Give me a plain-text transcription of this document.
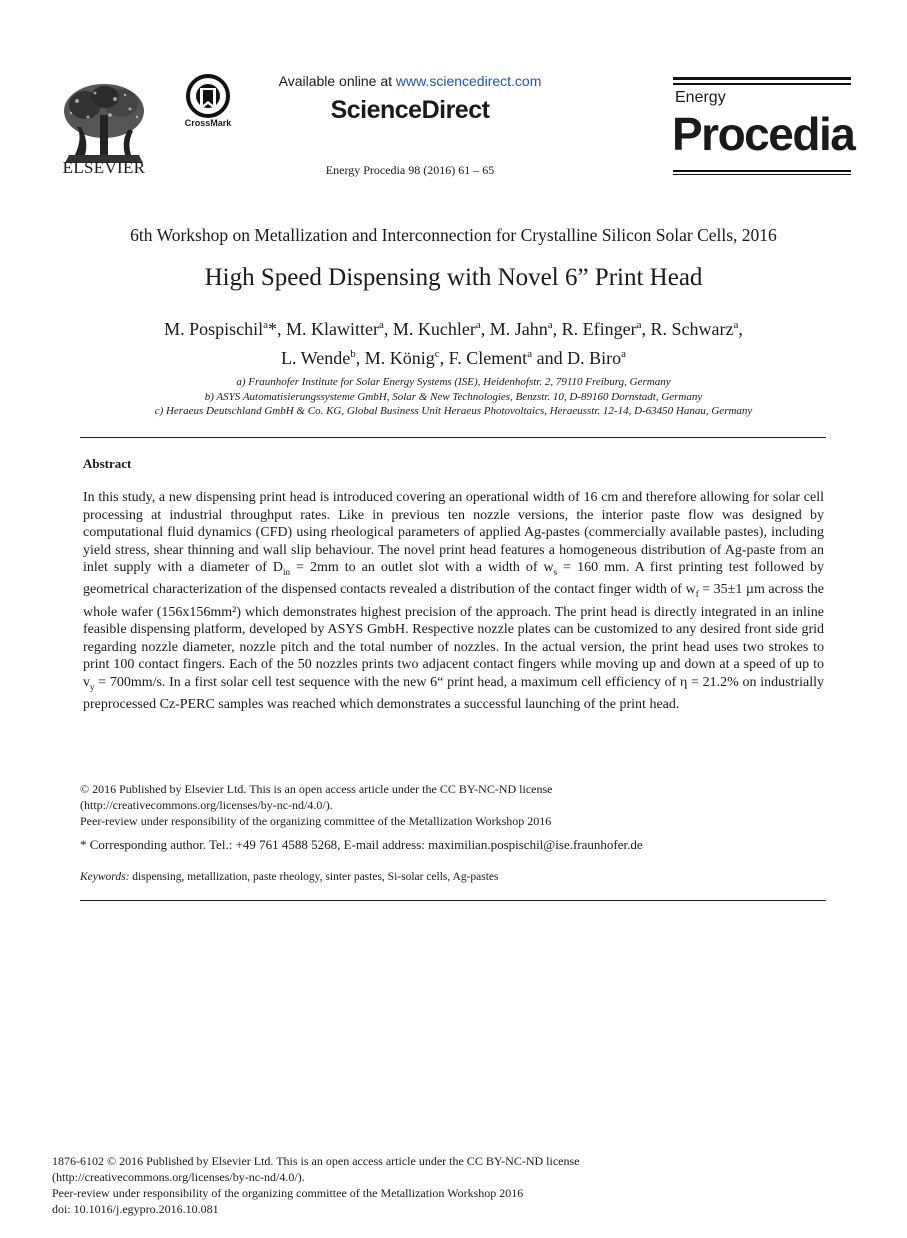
ELSEVIER
CrossMark
Available online at www.sciencedirect.com
ScienceDirect
Energy Procedia 98 (2016) 61 – 65
Energy
Procedia
6th Workshop on Metallization and Interconnection for Crystalline Silicon Solar Cells, 2016
High Speed Dispensing with Novel 6” Print Head
M. Pospischil$^a$*, M. Klawitter$^a$, M. Kuchler$^a$, M. Jahn$^a$, R. Efinger$^a$, R. Schwarz$^a$,
L. Wende$^b$, M. König$^c$, F. Clement$^a$ and D. Biro$^a$
a) Fraunhofer Institute for Solar Energy Systems (ISE), Heidenhofstr. 2, 79110 Freiburg, Germany
b) ASYS Automatisierungssysteme GmbH, Solar & New Technologies, Benzstr. 10, D-89160 Dornstadt, Germany
c) Heraeus Deutschland GmbH & Co. KG, Global Business Unit Heraeus Photovoltaics, Heraeusstr. 12-14, D-63450 Hanau, Germany
Abstract

In this study, a new dispensing print head is introduced covering an operational width of 16 cm and therefore allowing for solar cell processing at industrial throughput rates. Like in previous ten nozzle versions, the interior paste flow was designed by computational fluid dynamics (CFD) using rheological parameters of applied Ag-pastes (commercially available pastes), including yield stress, shear thinning and wall slip behaviour. The novel print head features a homogeneous distribution of Ag-paste from an inlet supply with a diameter of $D_{in} = 2mm$ to an outlet slot with a width of $w_s = 160$ mm. A first printing test followed by geometrical characterization of the dispensed contacts revealed a distribution of the contact finger width of $w_f = 35\pm 1$ µm across the whole wafer (156x156mm²) which demonstrates highest precision of the approach. The print head is directly integrated in an inline feasible dispensing platform, developed by ASYS GmbH. Respective nozzle plates can be customized to any desired front side grid regarding nozzle diameter, nozzle pitch and the total number of nozzles. In the actual version, the print head uses two strokes to print 100 contact fingers. Each of the 50 nozzles prints two adjacent contact fingers while moving up and down at a speed of up to $v_y = 700mm/s$. In a first solar cell test sequence with the new 6“ print head, a maximum cell efficiency of η = 21.2% on industrially preprocessed Cz-PERC samples was reached which demonstrates a successful launching of the print head.

© 2016 Published by Elsevier Ltd. This is an open access article under the CC BY-NC-ND license
(http://creativecommons.org/licenses/by-nc-nd/4.0/).
Peer-review under responsibility of the organizing committee of the Metallization Workshop 2016
* Corresponding author. Tel.: +49 761 4588 5268, E-mail address: maximilian.pospischil@ise.fraunhofer.de
Keywords: dispensing, metallization, paste rheology, sinter pastes, Si-solar cells, Ag-pastes
1876-6102 © 2016 Published by Elsevier Ltd. This is an open access article under the CC BY-NC-ND license
(http://creativecommons.org/licenses/by-nc-nd/4.0/).
Peer-review under responsibility of the organizing committee of the Metallization Workshop 2016
doi: 10.1016/j.egypro.2016.10.081
